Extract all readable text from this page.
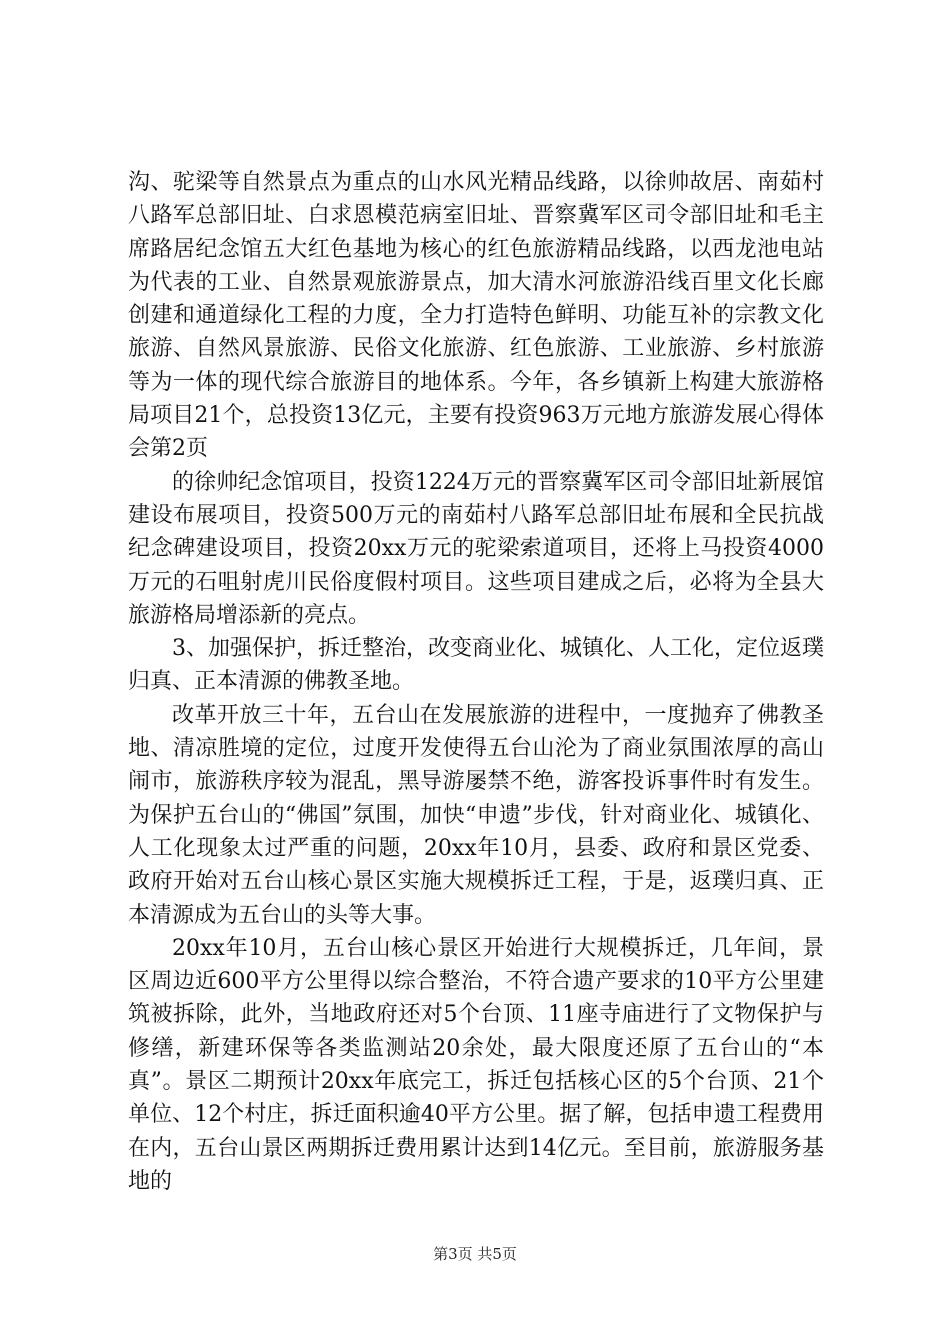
沟、驼梁等自然景点为重点的山水风光精品线路，以徐帅故居、南茹村八路军总部旧址、白求恩模范病室旧址、晋察冀军区司令部旧址和毛主席路居纪念馆五大红色基地为核心的红色旅游精品线路，以西龙池电站为代表的工业、自然景观旅游景点，加大清水河旅游沿线百里文化长廊创建和通道绿化工程的力度，全力打造特色鲜明、功能互补的宗教文化旅游、自然风景旅游、民俗文化旅游、红色旅游、工业旅游、乡村旅游等为一体的现代综合旅游目的地体系。今年，各乡镇新上构建大旅游格局项目21个，总投资13亿元，主要有投资963万元地方旅游发展心得体会第2页

的徐帅纪念馆项目，投资1224万元的晋察冀军区司令部旧址新展馆建设布展项目，投资500万元的南茹村八路军总部旧址布展和全民抗战纪念碑建设项目，投资20xx万元的驼梁索道项目，还将上马投资4000万元的石咀射虎川民俗度假村项目。这些项目建成之后，必将为全县大旅游格局增添新的亮点。

3、加强保护，拆迁整治，改变商业化、城镇化、人工化，定位返璞归真、正本清源的佛教圣地。

改革开放三十年，五台山在发展旅游的进程中，一度抛弃了佛教圣地、清凉胜境的定位，过度开发使得五台山沦为了商业氛围浓厚的高山闹市，旅游秩序较为混乱，黑导游屡禁不绝，游客投诉事件时有发生。为保护五台山的“佛国”氛围，加快“申遗”步伐，针对商业化、城镇化、人工化现象太过严重的问题，20xx年10月，县委、政府和景区党委、政府开始对五台山核心景区实施大规模拆迁工程，于是，返璞归真、正本清源成为五台山的头等大事。

20xx年10月，五台山核心景区开始进行大规模拆迁，几年间，景区周边近600平方公里得以综合整治，不符合遗产要求的10平方公里建筑被拆除，此外，当地政府还对5个台顶、11座寺庙进行了文物保护与修缮，新建环保等各类监测站20余处，最大限度还原了五台山的“本真”。景区二期预计20xx年底完工，拆迁包括核心区的5个台顶、21个单位、12个村庄，拆迁面积逾40平方公里。据了解，包括申遗工程费用在内，五台山景区两期拆迁费用累计达到14亿元。至目前，旅游服务基地的

第3页 共5页
